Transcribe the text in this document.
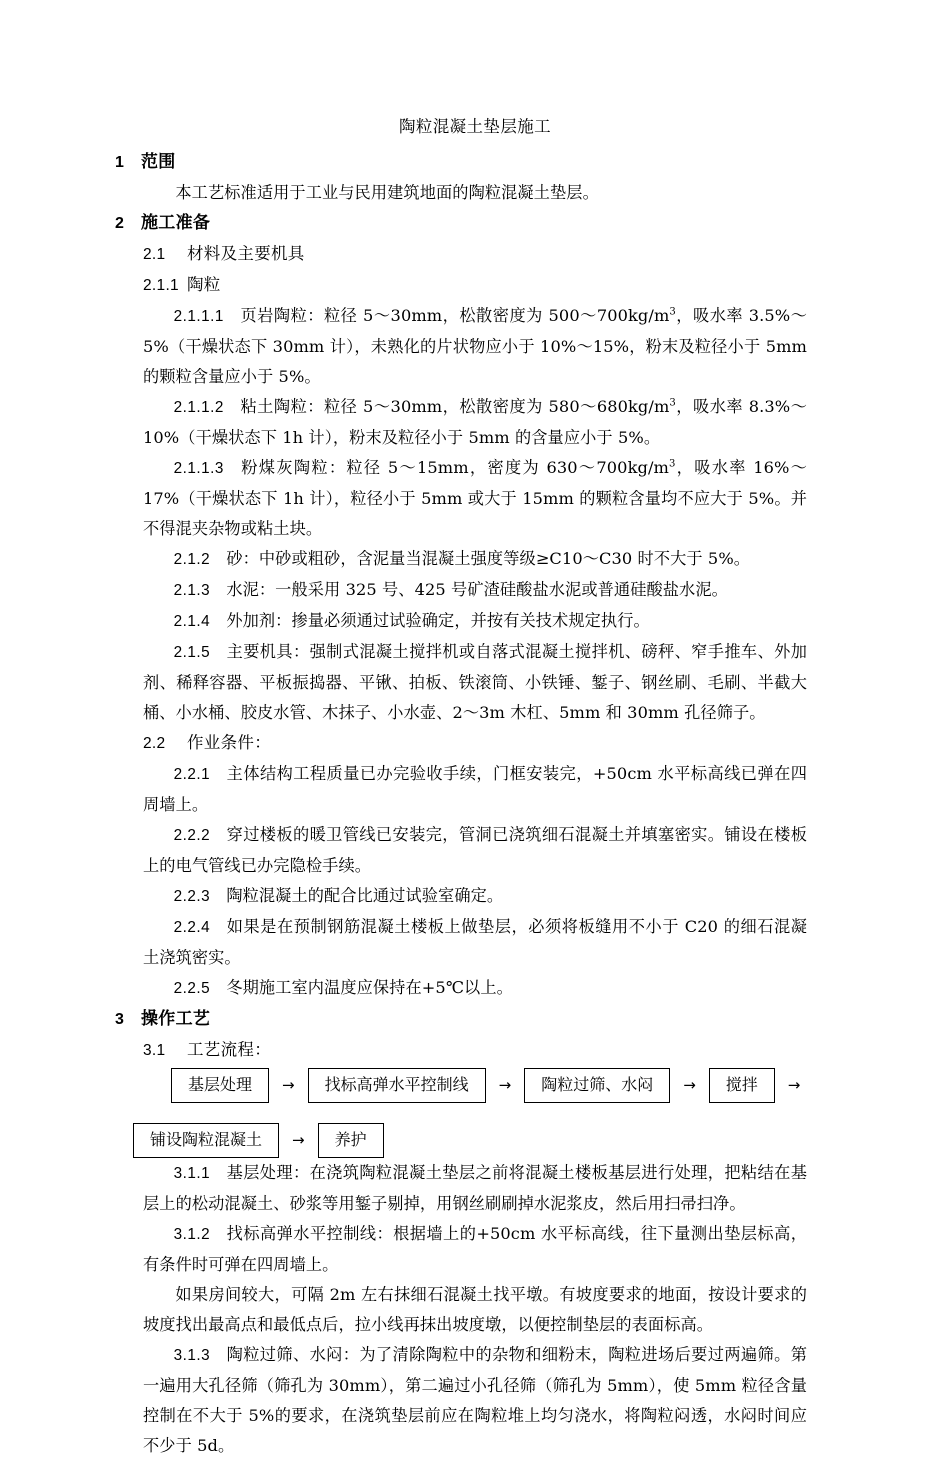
陶粒混凝土垫层施工
1 范围

本工艺标准适用于工业与民用建筑地面的陶粒混凝土垫层。

2 施工准备
2.1 材料及主要机具
2.1.1 陶粒

2.1.1.1 页岩陶粒：粒径 5～30mm，松散密度为 $500\sim 700kg/m^3$，吸水率 3.5%～5%（干燥状态下 30mm 计），未熟化的片状物应小于 10%～15%，粉末及粒径小于 5mm 的颗粒含量应小于 5%。

2.1.1.2 粘土陶粒：粒径 5～30mm，松散密度为 $580\sim 680kg/m^3$，吸水率 8.3%～10%（干燥状态下 1h 计），粉末及粒径小于 5mm 的含量应小于 5%。

2.1.1.3 粉煤灰陶粒：粒径 5～15mm，密度为 $630\sim 700kg/m^3$，吸水率 16%～17%（干燥状态下 1h 计），粒径小于 5mm 或大于 15mm 的颗粒含量均不应大于 5%。并不得混夹杂物或粘土块。

2.1.2 砂：中砂或粗砂，含泥量当混凝土强度等级≥C10～C30 时不大于 5%。

2.1.3 水泥：一般采用 325 号、425 号矿渣硅酸盐水泥或普通硅酸盐水泥。

2.1.4 外加剂：掺量必须通过试验确定，并按有关技术规定执行。

2.1.5 主要机具：强制式混凝土搅拌机或自落式混凝土搅拌机、磅秤、窄手推车、外加剂、稀释容器、平板振捣器、平锹、拍板、铁滚筒、小铁锤、錾子、钢丝刷、毛刷、半截大桶、小水桶、胶皮水管、木抹子、小水壶、2～3m 木杠、5mm 和 30mm 孔径筛子。

2.2 作业条件：

2.2.1 主体结构工程质量已办完验收手续，门框安装完，+50cm 水平标高线已弹在四周墙上。

2.2.2 穿过楼板的暖卫管线已安装完，管洞已浇筑细石混凝土并填塞密实。铺设在楼板上的电气管线已办完隐检手续。

2.2.3 陶粒混凝土的配合比通过试验室确定。

2.2.4 如果是在预制钢筋混凝土楼板上做垫层，必须将板缝用不小于 C20 的细石混凝土浇筑密实。

2.2.5 冬期施工室内温度应保持在+5℃以上。

3 操作工艺
3.1 工艺流程：
基层处理	→	找标高弹水平控制线	→	陶粒过筛、水闷	→	搅拌	→
铺设陶粒混凝土	→	养护

3.1.1 基层处理：在浇筑陶粒混凝土垫层之前将混凝土楼板基层进行处理，把粘结在基层上的松动混凝土、砂浆等用錾子剔掉，用钢丝刷刷掉水泥浆皮，然后用扫帚扫净。

3.1.2 找标高弹水平控制线：根据墙上的+50cm 水平标高线，往下量测出垫层标高，有条件时可弹在四周墙上。

如果房间较大，可隔 2m 左右抹细石混凝土找平墩。有坡度要求的地面，按设计要求的坡度找出最高点和最低点后，拉小线再抹出坡度墩，以便控制垫层的表面标高。

3.1.3 陶粒过筛、水闷：为了清除陶粒中的杂物和细粉末，陶粒进场后要过两遍筛。第一遍用大孔径筛（筛孔为 30mm），第二遍过小孔径筛（筛孔为 5mm），使 5mm 粒径含量控制在不大于 5%的要求，在浇筑垫层前应在陶粒堆上均匀浇水，将陶粒闷透，水闷时间应不少于 5d。
